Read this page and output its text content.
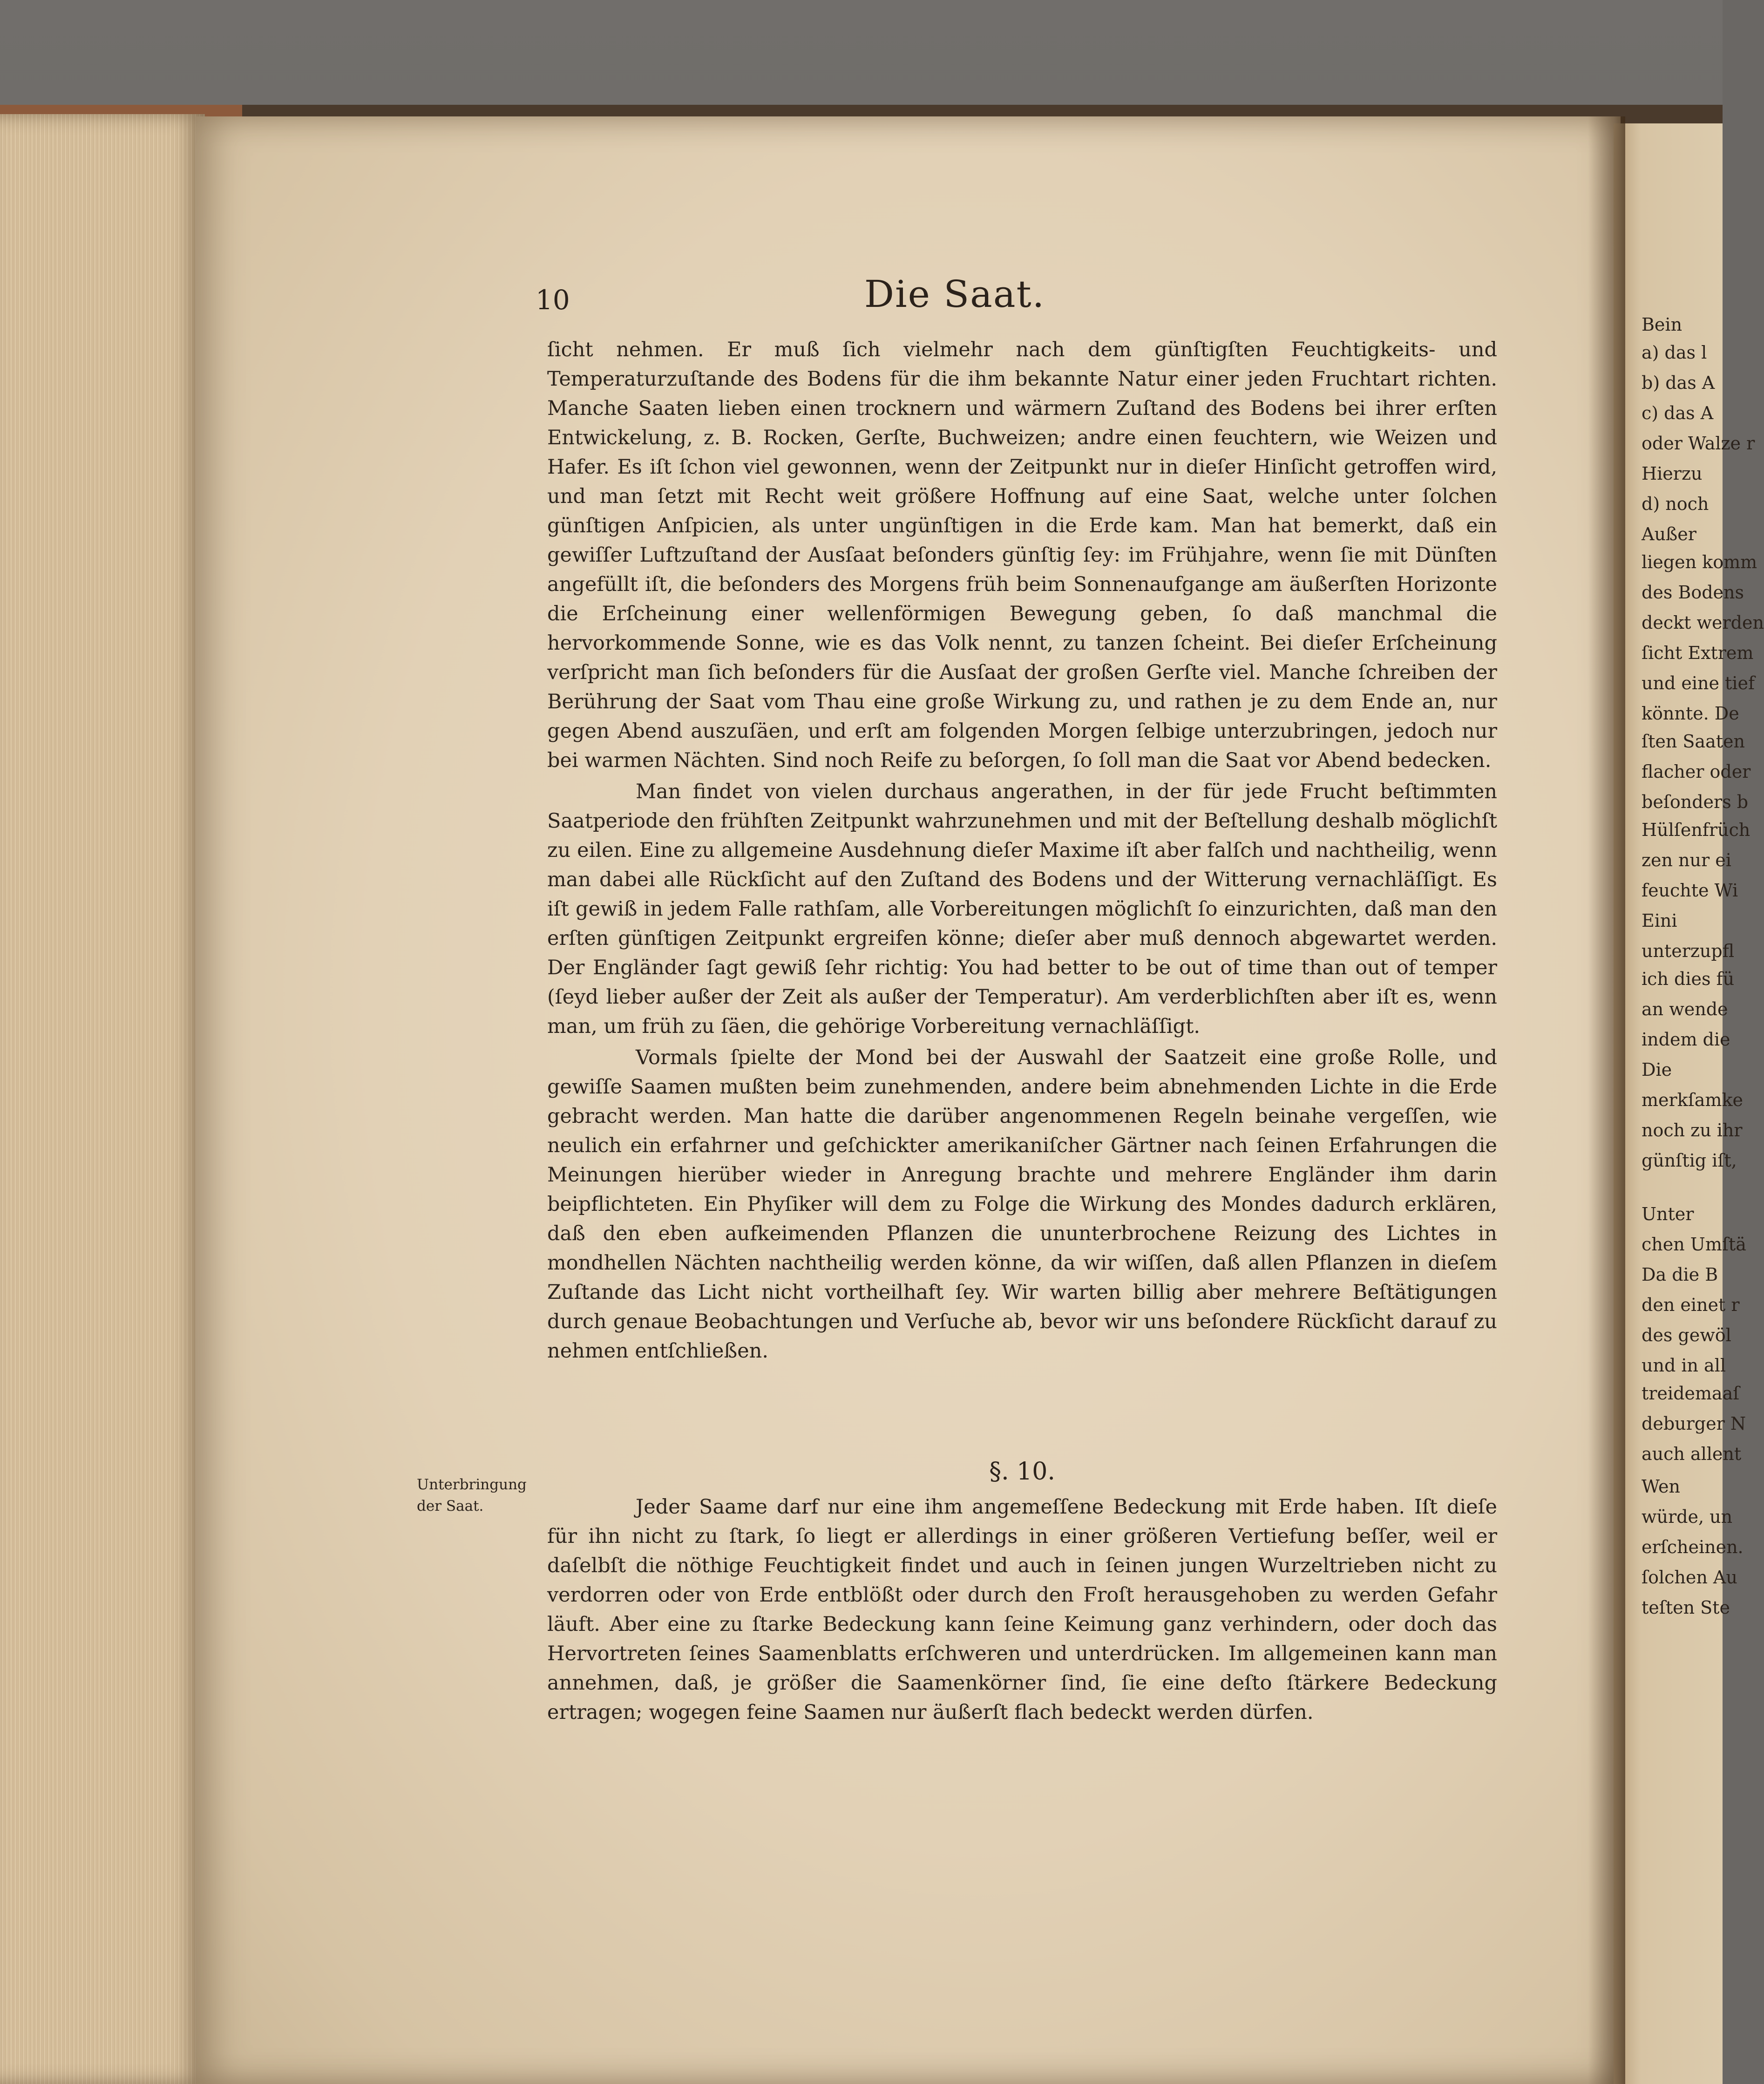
Bein
a) das l
b) das A
c) das A
oder Walze r
Hierzu
d) noch
Außer
liegen komm
des Bodens
deckt werden
ſicht Extrem
und eine tief
könnte. De
ſten Saaten
flacher oder
beſonders b
Hülſenfrüch
zen nur ei
feuchte Wi
Eini
unterzupfl
ich dies fü
an wende
indem die
Die
merkſamke
noch zu ihr
günſtig iſt,
Unter
chen Umſtä
Da die B
den einet r
des gewöl
und in all
treidemaaſ
deburger N
auch allent
Wen
würde, un
erſcheinen.
ſolchen Au
teſten Ste
10	Die Saat.

ſicht nehmen. Er muß ſich vielmehr nach dem günſtigſten Feuchtigkeits- und Temperaturzuſtande des Bodens für die ihm bekannte Natur einer jeden Fruchtart richten. Manche Saaten lieben einen trocknern und wärmern Zuſtand des Bodens bei ihrer erſten Entwickelung, z. B. Rocken, Gerſte, Buchweizen; andre einen feuchtern, wie Weizen und Hafer. Es iſt ſchon viel gewonnen, wenn der Zeitpunkt nur in dieſer Hinſicht getroffen wird, und man ſetzt mit Recht weit größere Hoffnung auf eine Saat, welche unter ſolchen günſtigen Anſpicien, als unter ungünſtigen in die Erde kam. Man hat bemerkt, daß ein gewiſſer Luftzuſtand der Ausſaat beſonders günſtig ſey: im Frühjahre, wenn ſie mit Dünſten angefüllt iſt, die beſonders des Morgens früh beim Sonnenaufgange am äußerſten Horizonte die Erſcheinung einer wellenförmigen Bewegung geben, ſo daß manchmal die hervorkommende Sonne, wie es das Volk nennt, zu tanzen ſcheint. Bei dieſer Erſcheinung verſpricht man ſich beſonders für die Ausſaat der großen Gerſte viel. Manche ſchreiben der Berührung der Saat vom Thau eine große Wirkung zu, und rathen je zu dem Ende an, nur gegen Abend auszuſäen, und erſt am folgenden Morgen ſelbige unterzubringen, jedoch nur bei warmen Nächten. Sind noch Reife zu beſorgen, ſo ſoll man die Saat vor Abend bedecken.

Man findet von vielen durchaus angerathen, in der für jede Frucht beſtimmten Saatperiode den frühſten Zeitpunkt wahrzunehmen und mit der Beſtellung deshalb möglichſt zu eilen. Eine zu allgemeine Ausdehnung dieſer Maxime iſt aber falſch und nachtheilig, wenn man dabei alle Rückſicht auf den Zuſtand des Bodens und der Witterung vernachläſſigt. Es iſt gewiß in jedem Falle rathſam, alle Vorbereitungen möglichſt ſo einzurichten, daß man den erſten günſtigen Zeitpunkt ergreifen könne; dieſer aber muß dennoch abgewartet werden. Der Engländer ſagt gewiß ſehr richtig: You had better to be out of time than out of temper (ſeyd lieber außer der Zeit als außer der Temperatur). Am verderblichſten aber iſt es, wenn man, um früh zu ſäen, die gehörige Vorbereitung vernachläſſigt.

Vormals ſpielte der Mond bei der Auswahl der Saatzeit eine große Rolle, und gewiſſe Saamen mußten beim zunehmenden, andere beim abnehmenden Lichte in die Erde gebracht werden. Man hatte die darüber angenommenen Regeln beinahe vergeſſen, wie neulich ein erfahrner und geſchickter amerikaniſcher Gärtner nach ſeinen Erfahrungen die Meinungen hierüber wieder in Anregung brachte und mehrere Engländer ihm darin beipflichteten. Ein Phyſiker will dem zu Folge die Wirkung des Mondes dadurch erklären, daß den eben aufkeimenden Pflanzen die ununterbrochene Reizung des Lichtes in mondhellen Nächten nachtheilig werden könne, da wir wiſſen, daß allen Pflanzen in dieſem Zuſtande das Licht nicht vortheilhaft ſey. Wir warten billig aber mehrere Beſtätigungen durch genaue Beobachtungen und Verſuche ab, bevor wir uns beſondere Rückſicht darauf zu nehmen entſchließen.

Unterbringung
der Saat.
§. 10.

Jeder Saame darf nur eine ihm angemeſſene Bedeckung mit Erde haben. Iſt dieſe für ihn nicht zu ſtark, ſo liegt er allerdings in einer größeren Vertiefung beſſer, weil er daſelbſt die nöthige Feuchtigkeit findet und auch in ſeinen jungen Wurzeltrieben nicht zu verdorren oder von Erde entblößt oder durch den Froſt herausgehoben zu werden Gefahr läuft. Aber eine zu ſtarke Bedeckung kann ſeine Keimung ganz verhindern, oder doch das Hervortreten ſeines Saamenblatts erſchweren und unterdrücken. Im allgemeinen kann man annehmen, daß, je größer die Saamenkörner ſind, ſie eine deſto ſtärkere Bedeckung ertragen; wogegen feine Saamen nur äußerſt flach bedeckt werden dürfen.
